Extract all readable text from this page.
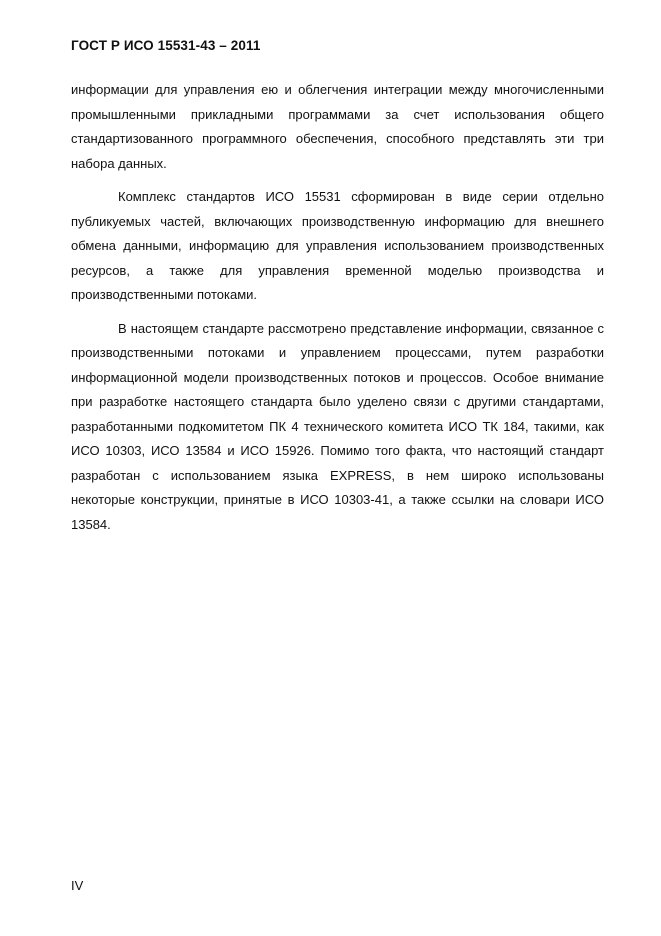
ГОСТ Р ИСО 15531-43 – 2011

информации для управления ею и облегчения интеграции между многочисленными промышленными прикладными программами за счет использования общего стандартизованного программного обеспечения, способного представлять эти три набора данных.

Комплекс стандартов ИСО 15531 сформирован в виде серии отдельно публикуемых частей, включающих производственную информацию для внешнего обмена данными, информацию для управления использованием производственных ресурсов, а также для управления временной моделью производства и производственными потоками.

В настоящем стандарте рассмотрено представление информации, связанное с производственными потоками и управлением процессами, путем разработки информационной модели производственных потоков и процессов. Особое внимание при разработке настоящего стандарта было уделено связи с другими стандартами, разработанными подкомитетом ПК 4 технического комитета ИСО ТК 184, такими, как ИСО 10303, ИСО 13584 и ИСО 15926. Помимо того факта, что настоящий стандарт разработан с использованием языка EXPRESS, в нем широко использованы некоторые конструкции, принятые в ИСО 10303-41, а также ссылки на словари ИСО 13584.

IV
